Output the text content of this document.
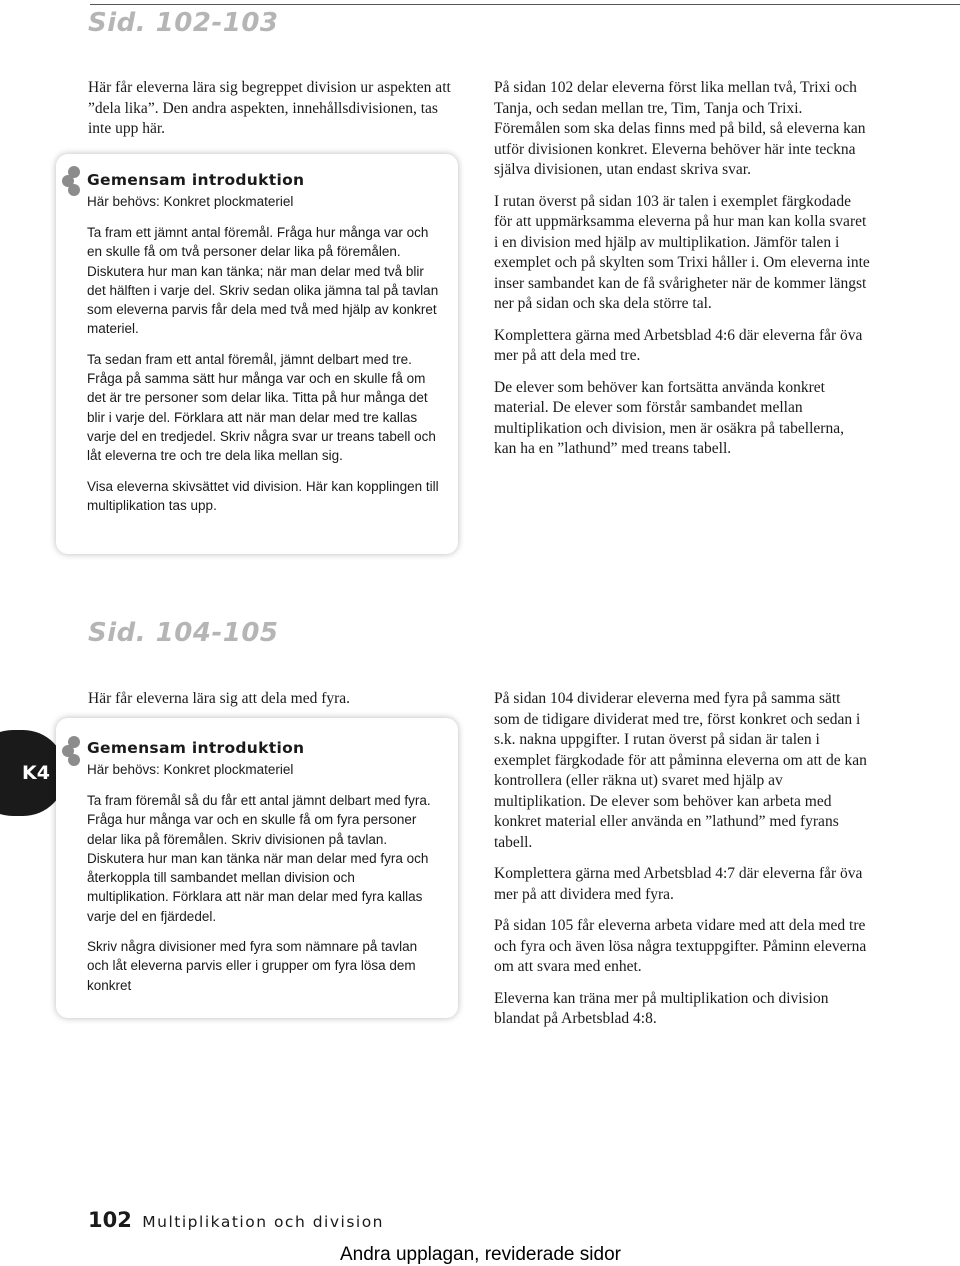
Sid. 102-103

Här får eleverna lära sig begreppet division ur aspekten att ”dela lika”. Den andra aspekten, innehållsdivisionen, tas inte upp här.

Gemensam introduktion

Här behövs: Konkret plockmateriel

Ta fram ett jämnt antal föremål. Fråga hur många var och en skulle få om två personer delar lika på föremålen. Diskutera hur man kan tänka; när man delar med två blir det hälften i varje del. Skriv sedan olika jämna tal på tavlan som eleverna parvis får dela med två med hjälp av konkret materiel.

Ta sedan fram ett antal föremål, jämnt delbart med tre. Fråga på samma sätt hur många var och en skulle få om det är tre personer som delar lika. Titta på hur många det blir i varje del. Förklara att när man delar med tre kallas varje del en tredjedel. Skriv några svar ur treans tabell och låt eleverna tre och tre dela lika mellan sig.

Visa eleverna skivsättet vid division. Här kan kopplingen till multiplikation tas upp.

På sidan 102 delar eleverna först lika mellan två, Trixi och Tanja, och sedan mellan tre, Tim, Tanja och Trixi. Föremålen som ska delas finns med på bild, så eleverna kan utför divisionen konkret. Eleverna behöver här inte teckna själva divisionen, utan endast skriva svar.

I rutan överst på sidan 103 är talen i exemplet färgkodade för att uppmärksamma eleverna på hur man kan kolla svaret i en division med hjälp av multiplikation. Jämför talen i exemplet och på skylten som Trixi håller i. Om eleverna inte inser sambandet kan de få svårigheter när de kommer längst ner på sidan och ska dela större tal.

Komplettera gärna med Arbetsblad 4:6 där eleverna får öva mer på att dela med tre.

De elever som behöver kan fortsätta använda konkret material. De elever som förstår sambandet mellan multiplikation och division, men är osäkra på tabellerna, kan ha en ”lathund” med treans tabell.

Sid. 104-105
K4

Här får eleverna lära sig att dela med fyra.

Gemensam introduktion

Här behövs: Konkret plockmateriel

Ta fram föremål så du får ett antal jämnt delbart med fyra. Fråga hur många var och en skulle få om fyra personer delar lika på föremålen. Skriv divisionen på tavlan. Diskutera hur man kan tänka när man delar med fyra och återkoppla till sambandet mellan division och multiplikation. Förklara att när man delar med fyra kallas varje del en fjärdedel.

Skriv några divisioner med fyra som nämnare på tavlan och låt eleverna parvis eller i grupper om fyra lösa dem konkret

På sidan 104 dividerar eleverna med fyra på samma sätt som de tidigare dividerat med tre, först konkret och sedan i s.k. nakna uppgifter. I rutan överst på sidan är talen i exemplet färgkodade för att påminna eleverna om att de kan kontrollera (eller räkna ut) svaret med hjälp av multiplikation. De elever som behöver kan arbeta med konkret material eller använda en ”lathund” med fyrans tabell.

Komplettera gärna med Arbetsblad 4:7 där eleverna får öva mer på att dividera med fyra.

På sidan 105 får eleverna arbeta vidare med att dela med tre och fyra och även lösa några textuppgifter. Påminn eleverna om att svara med enhet.

Eleverna kan träna mer på multiplikation och division blandat på Arbetsblad 4:8.

102 Multiplikation och division

Andra upplagan, reviderade sidor
